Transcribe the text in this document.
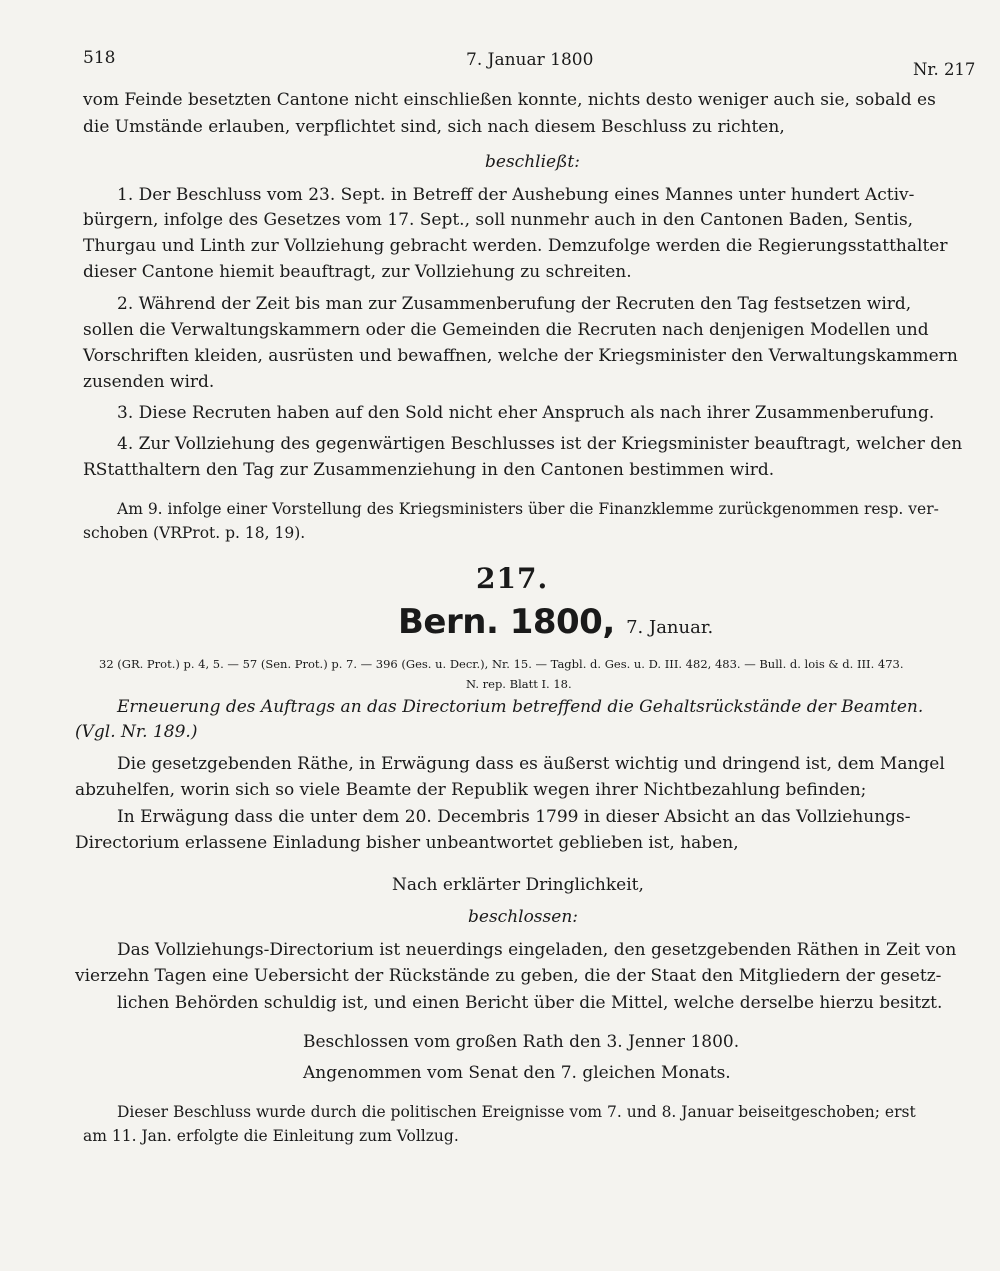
518	7. Januar 1800	Nr. 217
vom Feinde besetzten Cantone nicht einschließen konnte, nichts desto weniger auch sie, sobald es
die Umstände erlauben, verpflichtet sind, sich nach diesem Beschluss zu richten,
beschließt:
1. Der Beschluss vom 23. Sept. in Betreff der Aushebung eines Mannes unter hundert Activ-
bürgern, infolge des Gesetzes vom 17. Sept., soll nunmehr auch in den Cantonen Baden, Sentis,
Thurgau und Linth zur Vollziehung gebracht werden. Demzufolge werden die Regierungsstatthalter
dieser Cantone hiemit beauftragt, zur Vollziehung zu schreiten.
2. Während der Zeit bis man zur Zusammenberufung der Recruten den Tag festsetzen wird,
sollen die Verwaltungskammern oder die Gemeinden die Recruten nach denjenigen Modellen und
Vorschriften kleiden, ausrüsten und bewaffnen, welche der Kriegsminister den Verwaltungskammern
zusenden wird.
3. Diese Recruten haben auf den Sold nicht eher Anspruch als nach ihrer Zusammenberufung.
4. Zur Vollziehung des gegenwärtigen Beschlusses ist der Kriegsminister beauftragt, welcher den
RStatthaltern den Tag zur Zusammenziehung in den Cantonen bestimmen wird.
Am 9. infolge einer Vorstellung des Kriegsministers über die Finanzklemme zurückgenommen resp. ver-
schoben (VRProt. p. 18, 19).
217.
Bern. 1800, 7. Januar.
32 (GR. Prot.) p. 4, 5. — 57 (Sen. Prot.) p. 7. — 396 (Ges. u. Decr.), Nr. 15. — Tagbl. d. Ges. u. D. III. 482, 483. — Bull. d. lois & d. III. 473.
N. rep. Blatt I. 18.
Erneuerung des Auftrags an das Directorium betreffend die Gehaltsrückstände der Beamten.
(Vgl. Nr. 189.)
Die gesetzgebenden Räthe, in Erwägung dass es äußerst wichtig und dringend ist, dem Mangel
abzuhelfen, worin sich so viele Beamte der Republik wegen ihrer Nichtbezahlung befinden;
In Erwägung dass die unter dem 20. Decembris 1799 in dieser Absicht an das Vollziehungs-
Directorium erlassene Einladung bisher unbeantwortet geblieben ist, haben,
Nach erklärter Dringlichkeit,
beschlossen:
Das Vollziehungs-Directorium ist neuerdings eingeladen, den gesetzgebenden Räthen in Zeit von
vierzehn Tagen eine Uebersicht der Rückstände zu geben, die der Staat den Mitgliedern der gesetz-
lichen Behörden schuldig ist, und einen Bericht über die Mittel, welche derselbe hierzu besitzt.
Beschlossen vom großen Rath den 3. Jenner 1800.
Angenommen vom Senat den 7. gleichen Monats.
Dieser Beschluss wurde durch die politischen Ereignisse vom 7. und 8. Januar beiseitgeschoben; erst
am 11. Jan. erfolgte die Einleitung zum Vollzug.
